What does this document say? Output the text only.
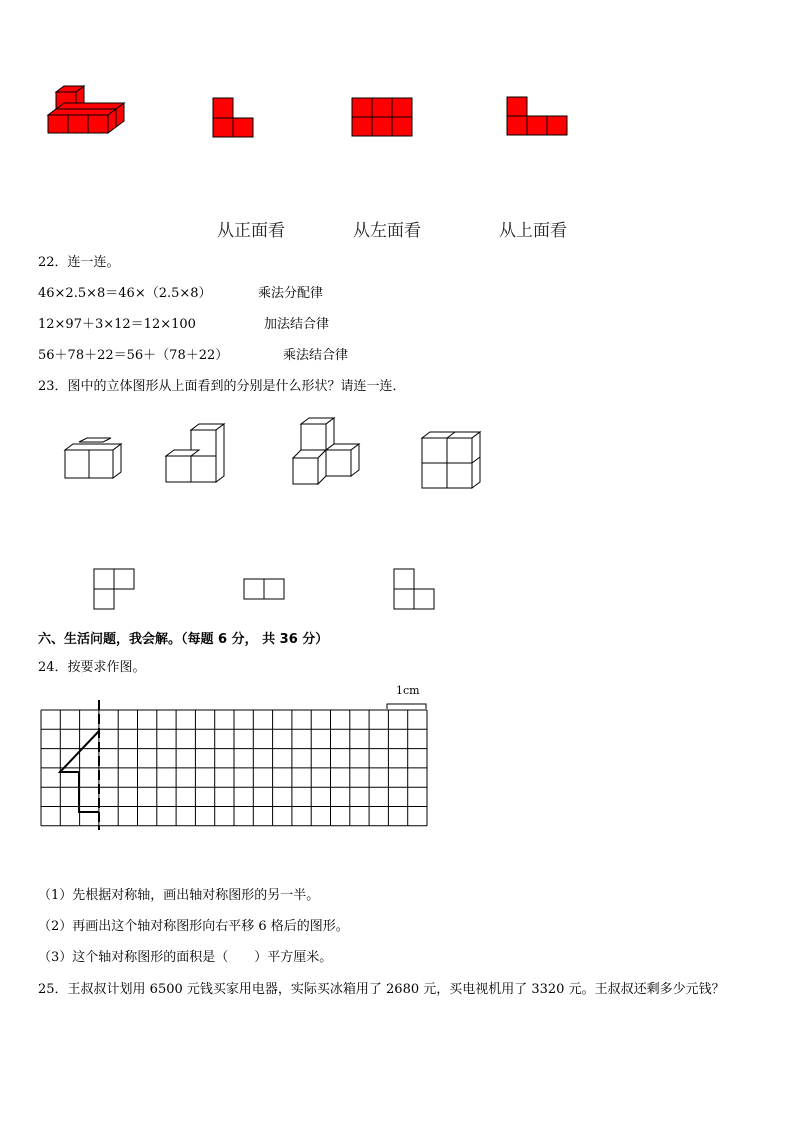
从正面看	从左面看	从上面看
22．连一连。
46×2.5×8＝46×（2.5×8）	乘法分配律
12×97＋3×12＝12×100	加法结合律
56＋78＋22＝56＋（78＋22）	乘法结合律
23．图中的立体图形从上面看到的分别是什么形状？请连一连．
六、生活问题，我会解。（每题 6 分， 共 36 分）
24．按要求作图。
1cm
（1）先根据对称轴，画出轴对称图形的另一半。
（2）再画出这个轴对称图形向右平移 6 格后的图形。
（3）这个轴对称图形的面积是（　　）平方厘米。
25．王叔叔计划用 6500 元钱买家用电器，实际买冰箱用了 2680 元，买电视机用了 3320 元。王叔叔还剩多少元钱？
